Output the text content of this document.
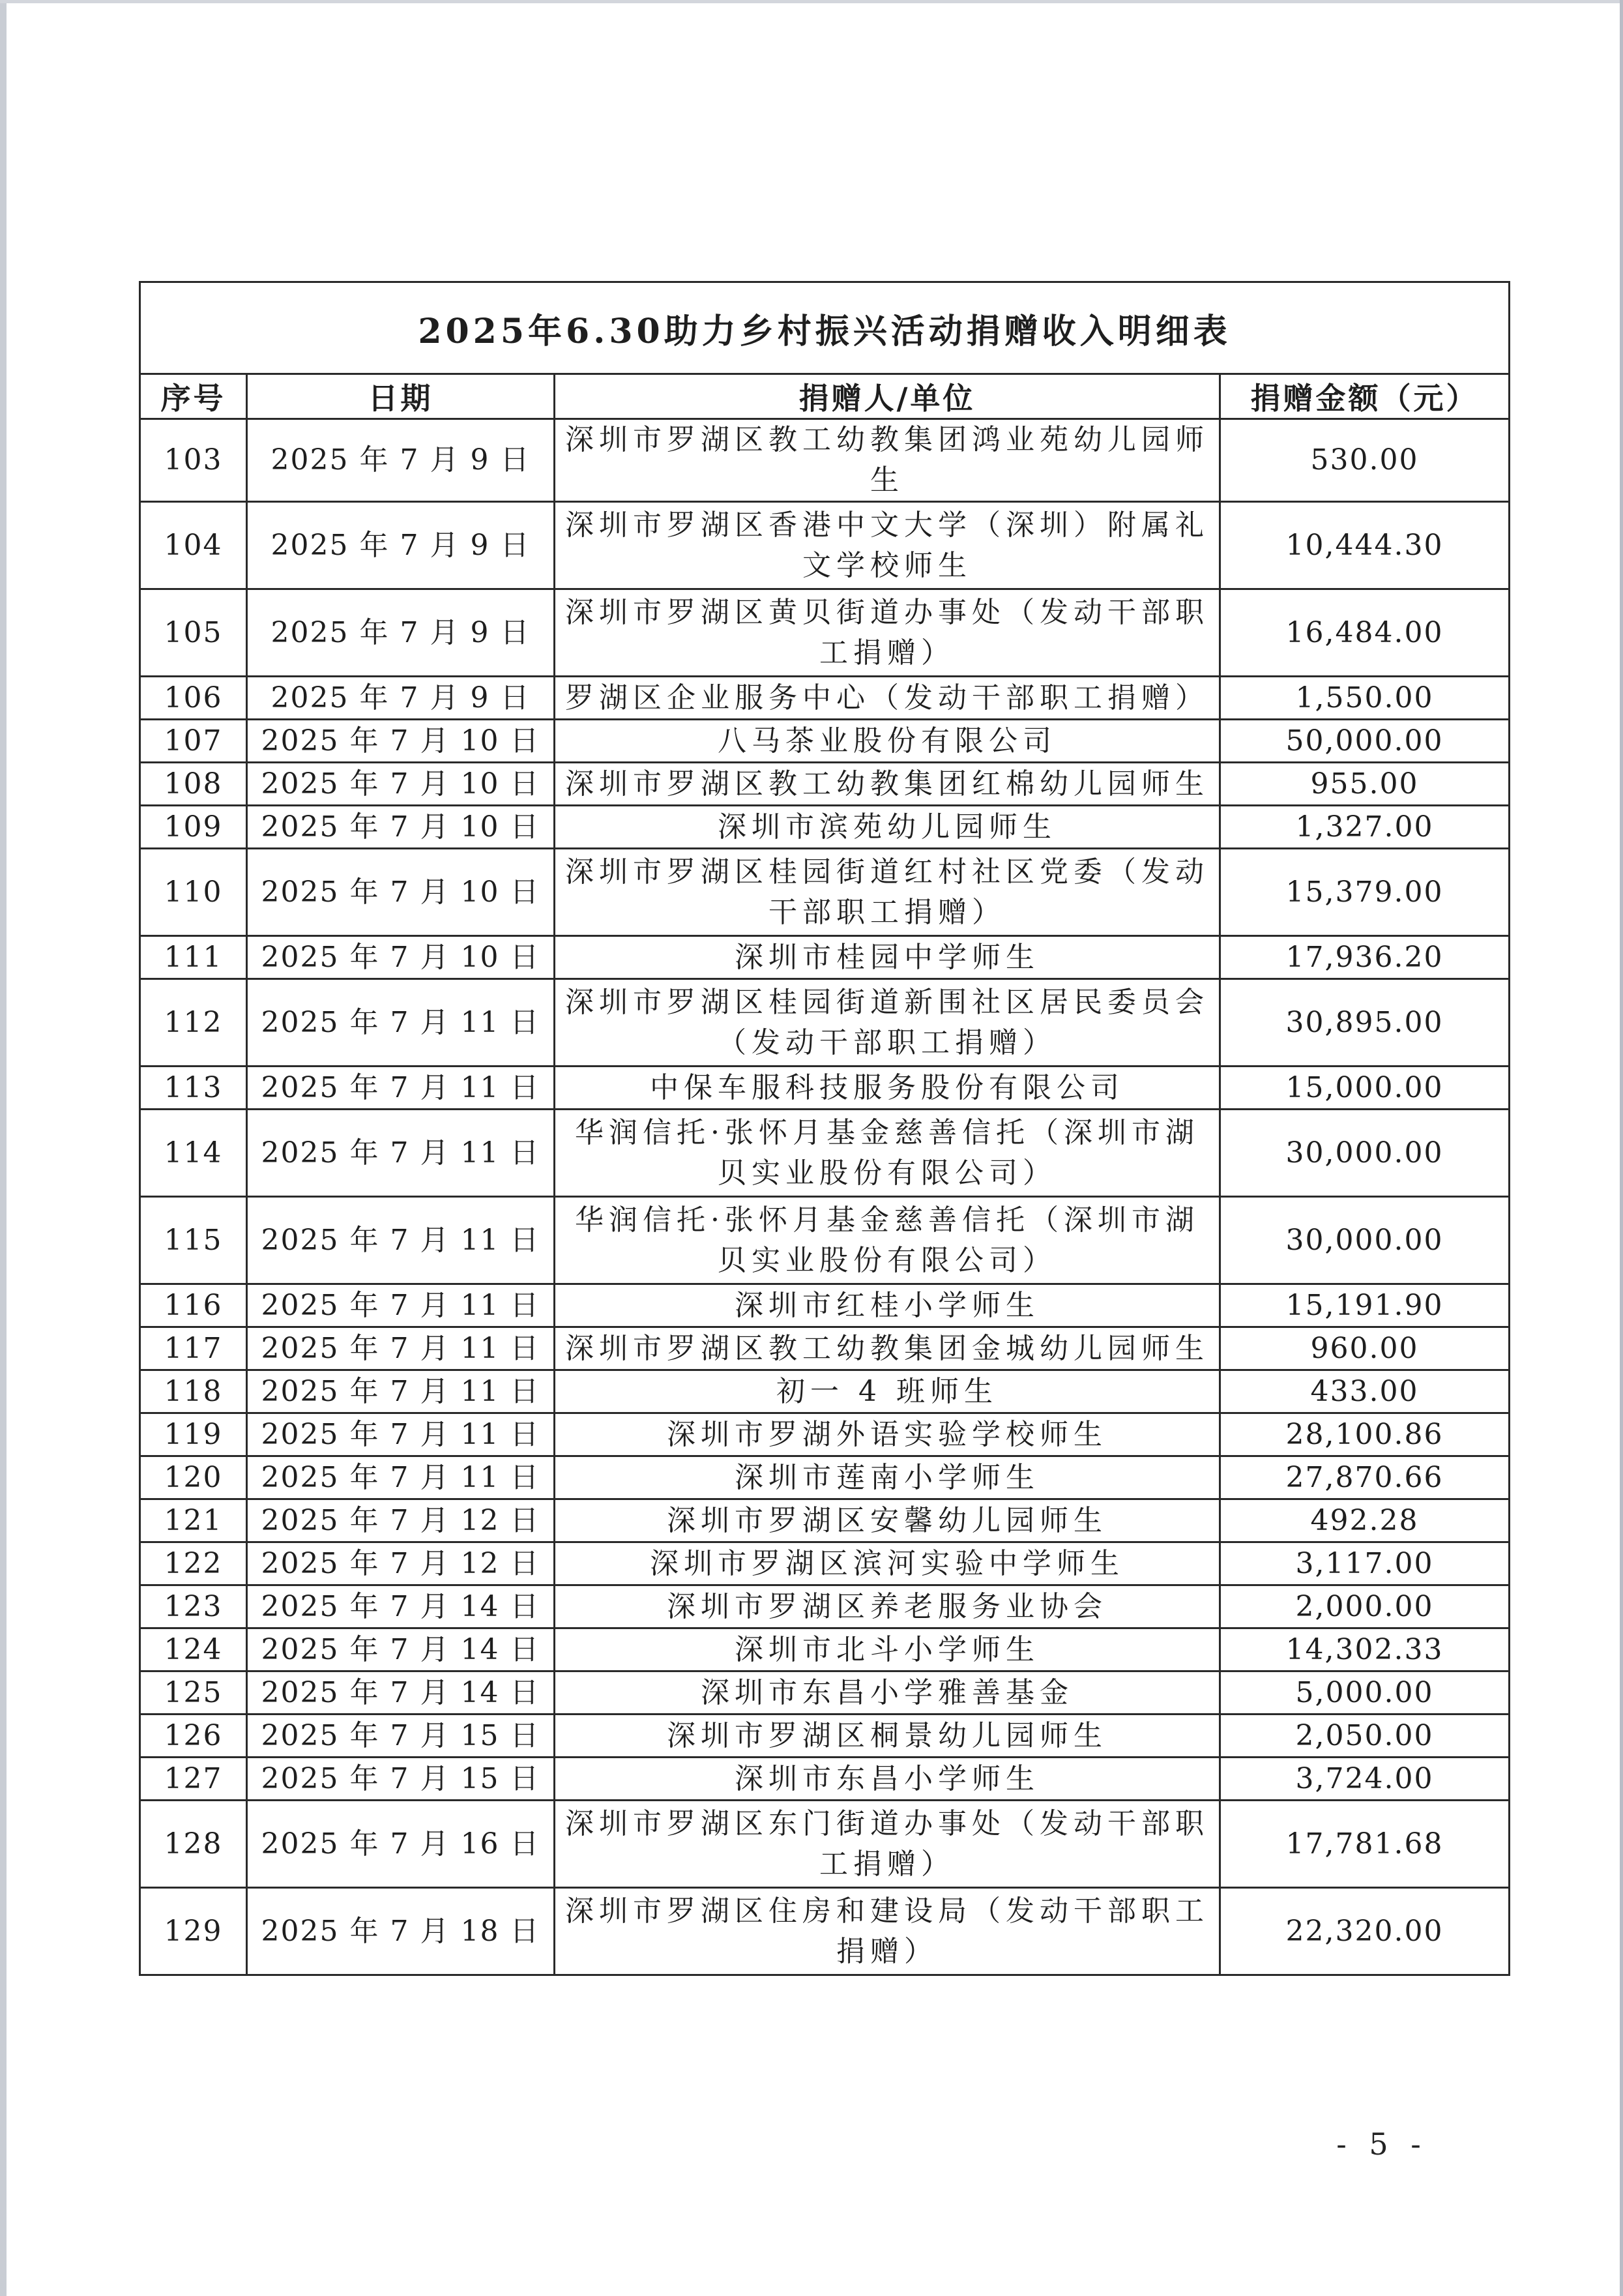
2025年6.30助力乡村振兴活动捐赠收入明细表			
序号	日期	捐赠人/单位	捐赠金额（元）
103	2025 年 7 月 9 日	深圳市罗湖区教工幼教集团鸿业苑幼儿园师生	530.00
104	2025 年 7 月 9 日	深圳市罗湖区香港中文大学（深圳）附属礼文学校师生	10,444.30
105	2025 年 7 月 9 日	深圳市罗湖区黄贝街道办事处（发动干部职工捐赠）	16,484.00
106	2025 年 7 月 9 日	罗湖区企业服务中心（发动干部职工捐赠）	1,550.00
107	2025 年 7 月 10 日	八马茶业股份有限公司	50,000.00
108	2025 年 7 月 10 日	深圳市罗湖区教工幼教集团红棉幼儿园师生	955.00
109	2025 年 7 月 10 日	深圳市滨苑幼儿园师生	1,327.00
110	2025 年 7 月 10 日	深圳市罗湖区桂园街道红村社区党委（发动干部职工捐赠）	15,379.00
111	2025 年 7 月 10 日	深圳市桂园中学师生	17,936.20
112	2025 年 7 月 11 日	深圳市罗湖区桂园街道新围社区居民委员会（发动干部职工捐赠）	30,895.00
113	2025 年 7 月 11 日	中保车服科技服务股份有限公司	15,000.00
114	2025 年 7 月 11 日	华润信托·张怀月基金慈善信托（深圳市湖贝实业股份有限公司）	30,000.00
115	2025 年 7 月 11 日	华润信托·张怀月基金慈善信托（深圳市湖贝实业股份有限公司）	30,000.00
116	2025 年 7 月 11 日	深圳市红桂小学师生	15,191.90
117	2025 年 7 月 11 日	深圳市罗湖区教工幼教集团金城幼儿园师生	960.00
118	2025 年 7 月 11 日	初一 4 班师生	433.00
119	2025 年 7 月 11 日	深圳市罗湖外语实验学校师生	28,100.86
120	2025 年 7 月 11 日	深圳市莲南小学师生	27,870.66
121	2025 年 7 月 12 日	深圳市罗湖区安馨幼儿园师生	492.28
122	2025 年 7 月 12 日	深圳市罗湖区滨河实验中学师生	3,117.00
123	2025 年 7 月 14 日	深圳市罗湖区养老服务业协会	2,000.00
124	2025 年 7 月 14 日	深圳市北斗小学师生	14,302.33
125	2025 年 7 月 14 日	深圳市东昌小学雅善基金	5,000.00
126	2025 年 7 月 15 日	深圳市罗湖区桐景幼儿园师生	2,050.00
127	2025 年 7 月 15 日	深圳市东昌小学师生	3,724.00
128	2025 年 7 月 16 日	深圳市罗湖区东门街道办事处（发动干部职工捐赠）	17,781.68
129	2025 年 7 月 18 日	深圳市罗湖区住房和建设局（发动干部职工捐赠）	22,320.00
- 5 -
